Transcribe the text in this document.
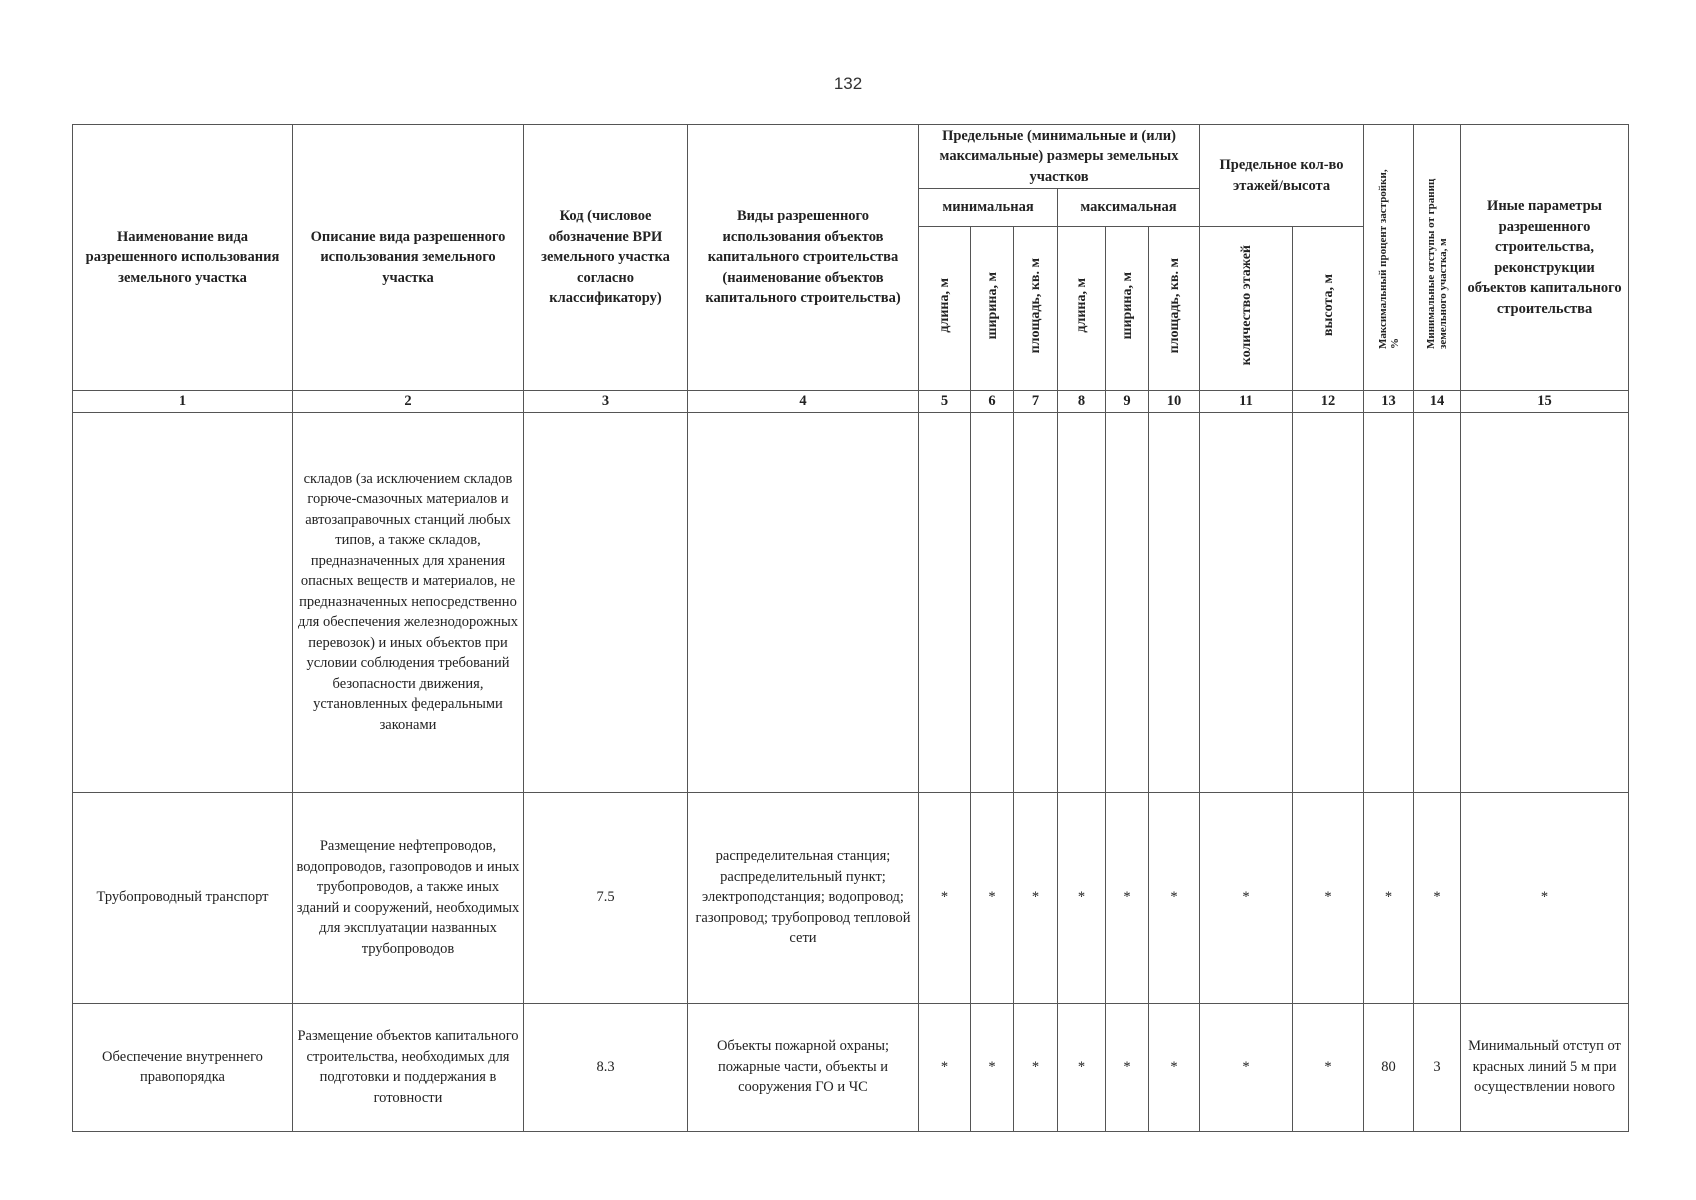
132
Наименование вида разрешенного использования земельного участка	Описание вида разрешенного использования земельного участка	Код (числовое обозначение ВРИ земельного участка согласно классификатору)	Виды разрешенного использования объектов капитального строительства (наименование объектов капитального строительства)	Предельные (минимальные и (или) максимальные) размеры земельных участков						Предельное кол-во этажей/высота		Максимальный процент застройки, %	Минимальные отступы от границ земельного участка, м	Иные параметры разрешенного строительства, реконструкции объектов капитального строительства
				минимальная			максимальная							
				длина, м	ширина, м	площадь, кв. м	длина, м	ширина, м	площадь, кв. м	количество этажей	высота, м			
1	2	3	4	5	6	7	8	9	10	11	12	13	14	15
	складов (за исключением складов горюче-смазочных материалов и автозаправочных станций любых типов, а также складов, предназначенных для хранения опасных веществ и материалов, не предназначенных непосредственно для обеспечения железнодорожных перевозок) и иных объектов при условии соблюдения требований безопасности движения, установленных федеральными законами													
Трубопроводный транспорт	Размещение нефтепроводов, водопроводов, газопроводов и иных трубопроводов, а также иных зданий и сооружений, необходимых для эксплуатации названных трубопроводов	7.5	распределительная станция; распределительный пункт; электроподстанция; водопровод; газопровод; трубопровод тепловой сети	*	*	*	*	*	*	*	*	*	*	*
Обеспечение внутреннего правопорядка	Размещение объектов капитального строительства, необходимых для подготовки и поддержания в готовности	8.3	Объекты пожарной охраны; пожарные части, объекты и сооружения ГО и ЧС	*	*	*	*	*	*	*	*	80	3	Минимальный отступ от красных линий 5 м при осуществлении нового
